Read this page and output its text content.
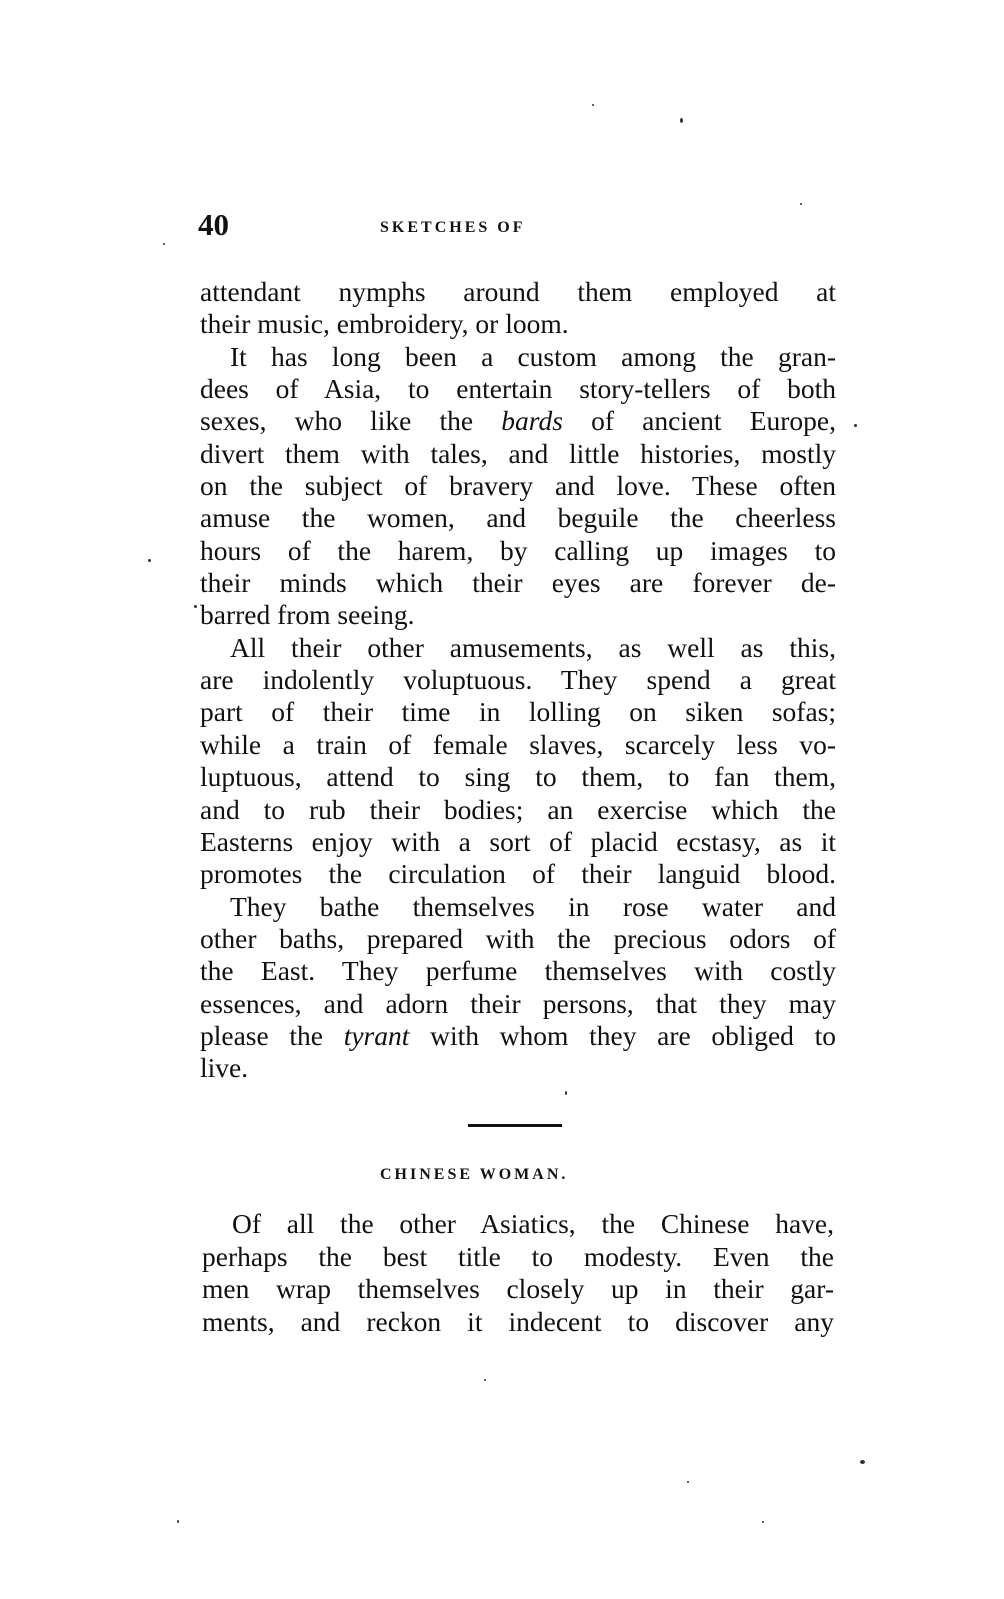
40	SKETCHES OF

attendant nymphs around them employed at
their music, embroidery, or loom.

It has long been a custom among the gran-
dees of Asia, to entertain story-tellers of both
sexes, who like the bards of ancient Europe,
divert them with tales, and little histories, mostly
on the subject of bravery and love. These often
amuse the women, and beguile the cheerless
hours of the harem, by calling up images to
their minds which their eyes are forever de-
barred from seeing.

All their other amusements, as well as this,
are indolently voluptuous. They spend a great
part of their time in lolling on siken sofas;
while a train of female slaves, scarcely less vo-
luptuous, attend to sing to them, to fan them,
and to rub their bodies; an exercise which the
Easterns enjoy with a sort of placid ecstasy, as it
promotes the circulation of their languid blood.

They bathe themselves in rose water and
other baths, prepared with the precious odors of
the East. They perfume themselves with costly
essences, and adorn their persons, that they may
please the tyrant with whom they are obliged to
live.

CHINESE WOMAN.
Of all the other Asiatics, the Chinese have,
perhaps the best title to modesty. Even the
men wrap themselves closely up in their gar-
ments, and reckon it indecent to discover any
